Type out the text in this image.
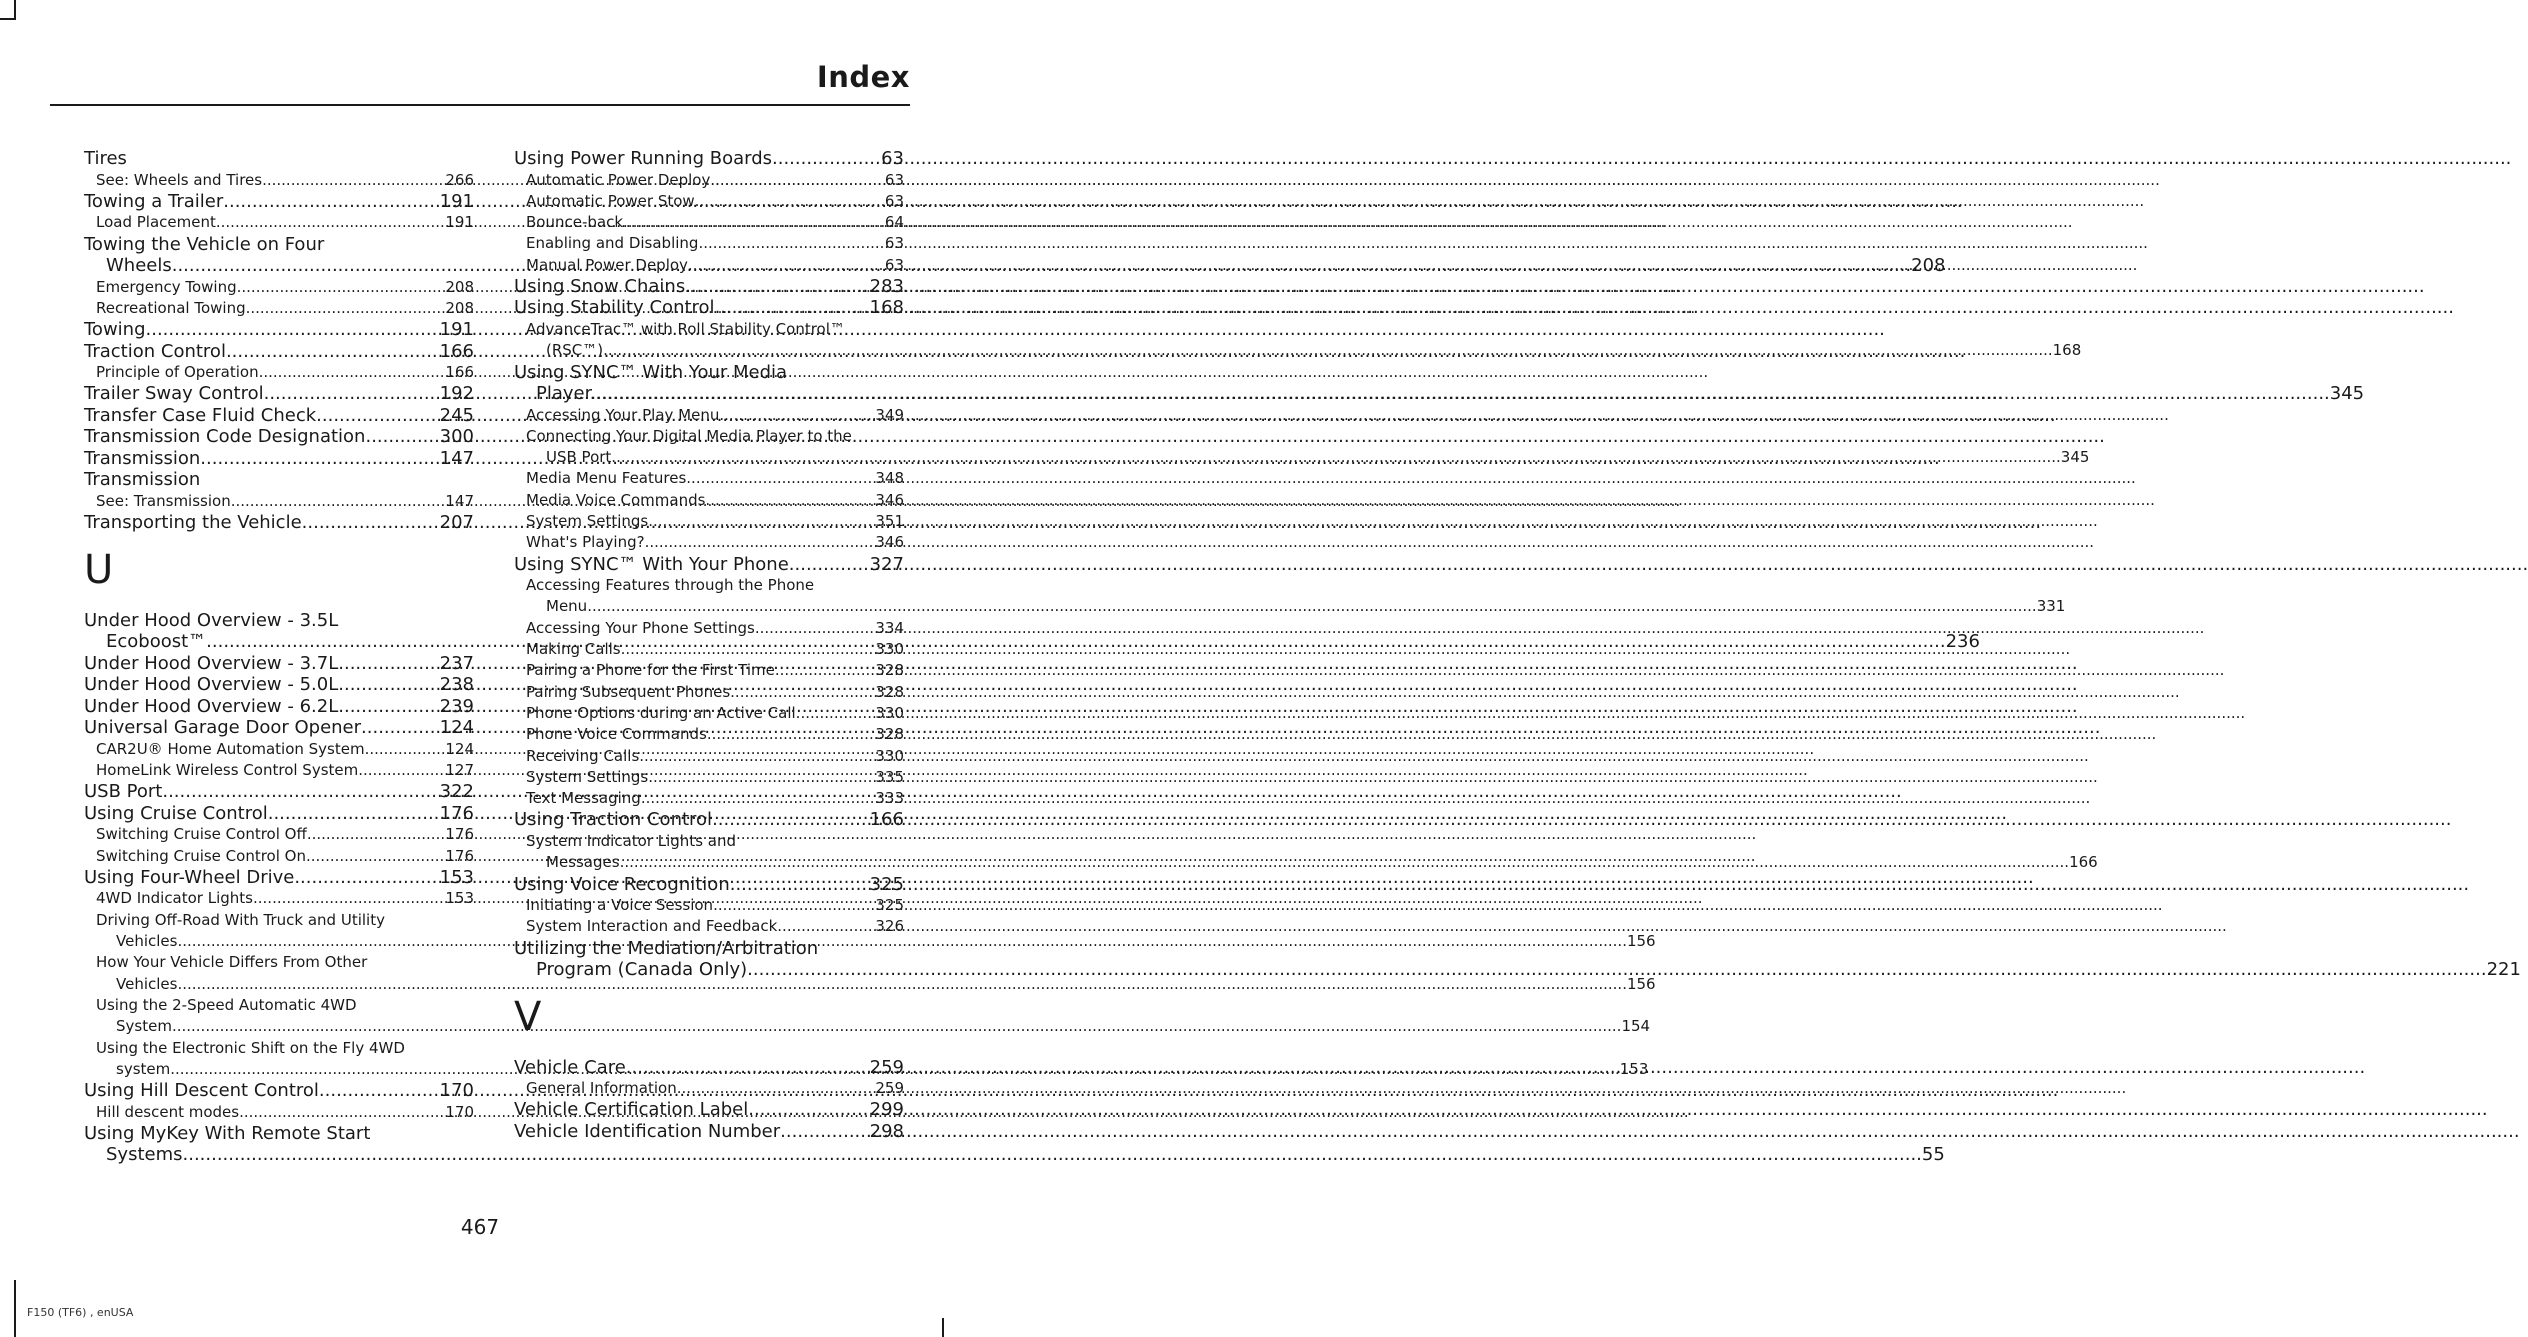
Index
Tires
See: Wheels and Tires .....	266
Towing a Trailer .....	191
Load Placement .....	191
Towing the Vehicle on Four
Wheels .....	208
Emergency Towing .....	208
Recreational Towing .....	208
Towing .....	191
Traction Control .....	166
Principle of Operation .....	166
Trailer Sway Control .....	192
Transfer Case Fluid Check .....	245
Transmission Code Designation .....	300
Transmission .....	147
Transmission
See: Transmission .....	147
Transporting the Vehicle .....	207
U
Under Hood Overview - 3.5L
Ecoboost™ .....	236
Under Hood Overview - 3.7L .....	237
Under Hood Overview - 5.0L .....	238
Under Hood Overview - 6.2L .....	239
Universal Garage Door Opener .....	124
CAR2U® Home Automation System .....	124
HomeLink Wireless Control System .....	127
USB Port .....	322
Using Cruise Control .....	176
Switching Cruise Control Off .....	176
Switching Cruise Control On .....	176
Using Four-Wheel Drive .....	153
4WD Indicator Lights .....	153
Driving Off-Road With Truck and Utility
Vehicles .....	156
How Your Vehicle Differs From Other
Vehicles .....	156
Using the 2-Speed Automatic 4WD
System .....	154
Using the Electronic Shift on the Fly 4WD
system .....	153
Using Hill Descent Control .....	170
Hill descent modes .....	170
Using MyKey With Remote Start
Systems .....	55
Using Power Running Boards .....	63
Automatic Power Deploy .....	63
Automatic Power Stow .....	63
Bounce-back .....	64
Enabling and Disabling .....	63
Manual Power Deploy .....	63
Using Snow Chains .....	283
Using Stability Control .....	168
AdvanceTrac™ with Roll Stability Control™
(RSC™) .....	168
Using SYNC™ With Your Media
Player .....	345
Accessing Your Play Menu .....	349
Connecting Your Digital Media Player to the
USB Port .....	345
Media Menu Features .....	348
Media Voice Commands .....	346
System Settings .....	351
What's Playing? .....	346
Using SYNC™ With Your Phone .....	327
Accessing Features through the Phone
Menu .....	331
Accessing Your Phone Settings .....	334
Making Calls .....	330
Pairing a Phone for the First Time .....	328
Pairing Subsequent Phones .....	328
Phone Options during an Active Call .....	330
Phone Voice Commands .....	328
Receiving Calls .....	330
System Settings .....	335
Text Messaging .....	333
Using Traction Control .....	166
System Indicator Lights and
Messages .....	166
Using Voice Recognition .....	325
Initiating a Voice Session .....	325
System Interaction and Feedback .....	326
Utilizing the Mediation/Arbitration
Program (Canada Only) .....	221
V
Vehicle Care .....	259
General Information .....	259
Vehicle Certification Label .....	299
Vehicle Identification Number .....	298
467
F150 (TF6) , enUSA
